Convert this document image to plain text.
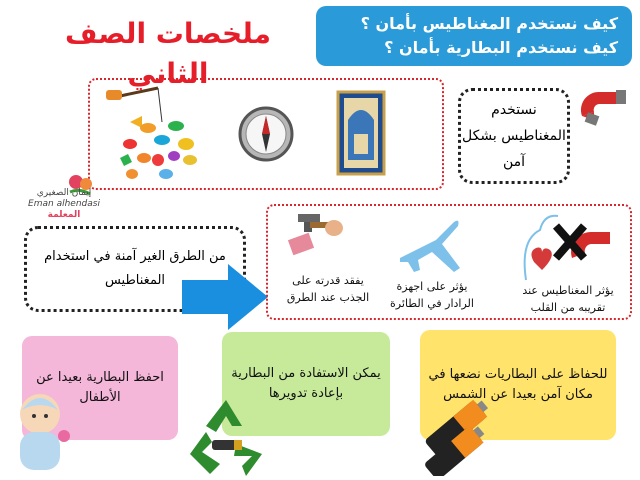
كيف نستخدم المغناطيس بأمان ؟
كيف نستخدم البطارية بأمان ؟
ملخصات الصف الثاني
نستخدم المغناطيس بشكل آمن
إيمان الصغيري
Eman alhendasi
المعلمة
من الطرق الغير آمنة في استخدام المغناطيس	يفقد قدرته على الجذب عند الطرق
يؤثر على اجهزة الرادار في الطائرة
يؤثر المغناطيس عند تقريبه من القلب
احفظ البطارية بعيدا عن الأطفال
يمكن الاستفادة من البطارية بإعادة تدويرها
للحفاظ على البطاريات نضعها في مكان آمن بعيدا عن الشمس
